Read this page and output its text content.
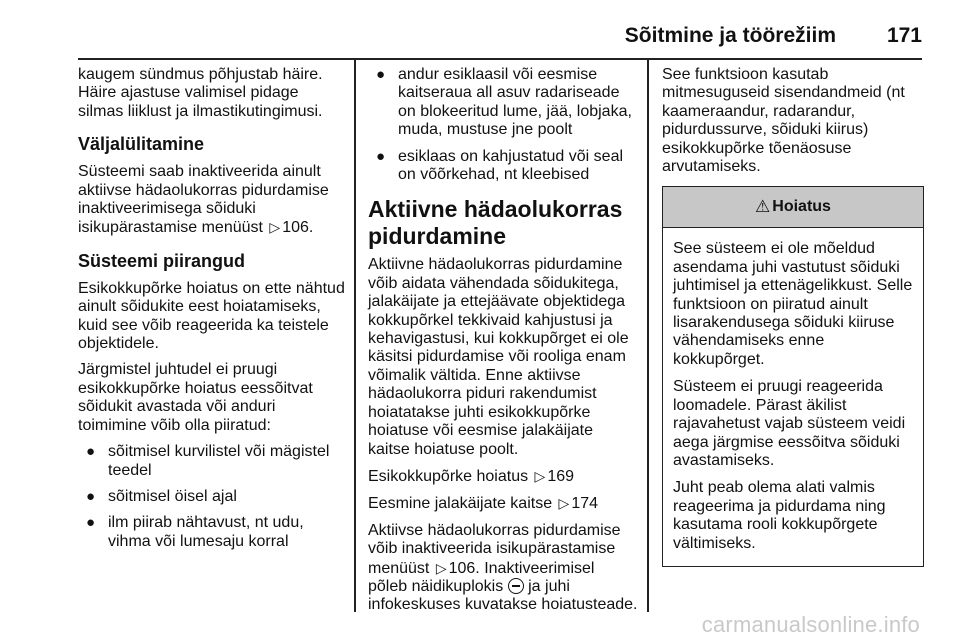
Sõitmine ja töörežiim 171

kaugem sündmus põhjustab häire. Häire ajastuse valimisel pidage silmas liiklust ja ilmastikutingimusi.

Väljalülitamine

Süsteemi saab inaktiveerida ainult aktiivse hädaolukorras pidurdamise inaktiveerimisega sõiduki isikupärastamise menüüst ▷ 106.

Süsteemi piirangud

Esikokkupõrke hoiatus on ette nähtud ainult sõidukite eest hoiatamiseks, kuid see võib reageerida ka teistele objektidele.

Järgmistel juhtudel ei pruugi esikokkupõrke hoiatus eessõitvat sõidukit avastada või anduri toimimine võib olla piiratud:

● sõitmisel kurvilistel või mägistel teedel
● sõitmisel öisel ajal
● ilm piirab nähtavust, nt udu, vihma või lumesaju korral
● andur esiklaasil või eesmise kaitseraua all asuv radariseade on blokeeritud lume, jää, lobjaka, muda, mustuse jne poolt
● esiklaas on kahjustatud või seal on võõrkehad, nt kleebised
Aktiivne hädaolukorras pidurdamine

Aktiivne hädaolukorras pidurdamine võib aidata vähendada sõidukitega, jalakäijate ja ettejäävate objektidega kokkupõrkel tekkivaid kahjustusi ja kehavigastusi, kui kokkupõrget ei ole käsitsi pidurdamise või rooliga enam võimalik vältida. Enne aktiivse hädaolukorra piduri rakendumist hoiatatakse juhti esikokkupõrke hoiatuse või eesmise jalakäijate kaitse hoiatuse poolt.

Esikokkupõrke hoiatus ▷ 169

Eesmine jalakäijate kaitse ▷ 174

Aktiivse hädaolukorras pidurdamise võib inaktiveerida isikupärastamise menüüst ▷ 106. Inaktiveerimisel põleb näidikuplokis ja juhi infokeskuses kuvatakse hoiatusteade.

See funktsioon kasutab mitmesuguseid sisendandmeid (nt kaameraandur, radarandur, pidurdussurve, sõiduki kiirus) esikokkupõrke tõenäosuse arvutamiseks.

⚠ Hoiatus

See süsteem ei ole mõeldud asendama juhi vastutust sõiduki juhtimisel ja ettenägelikkust. Selle funktsioon on piiratud ainult lisarakendusega sõiduki kiiruse vähendamiseks enne kokkupõrget.

Süsteem ei pruugi reageerida loomadele. Pärast äkilist rajavahetust vajab süsteem veidi aega järgmise eessõitva sõiduki avastamiseks.

Juht peab olema alati valmis reageerima ja pidurdama ning kasutama rooli kokkupõrgete vältimiseks.

carmanualsonline.info
